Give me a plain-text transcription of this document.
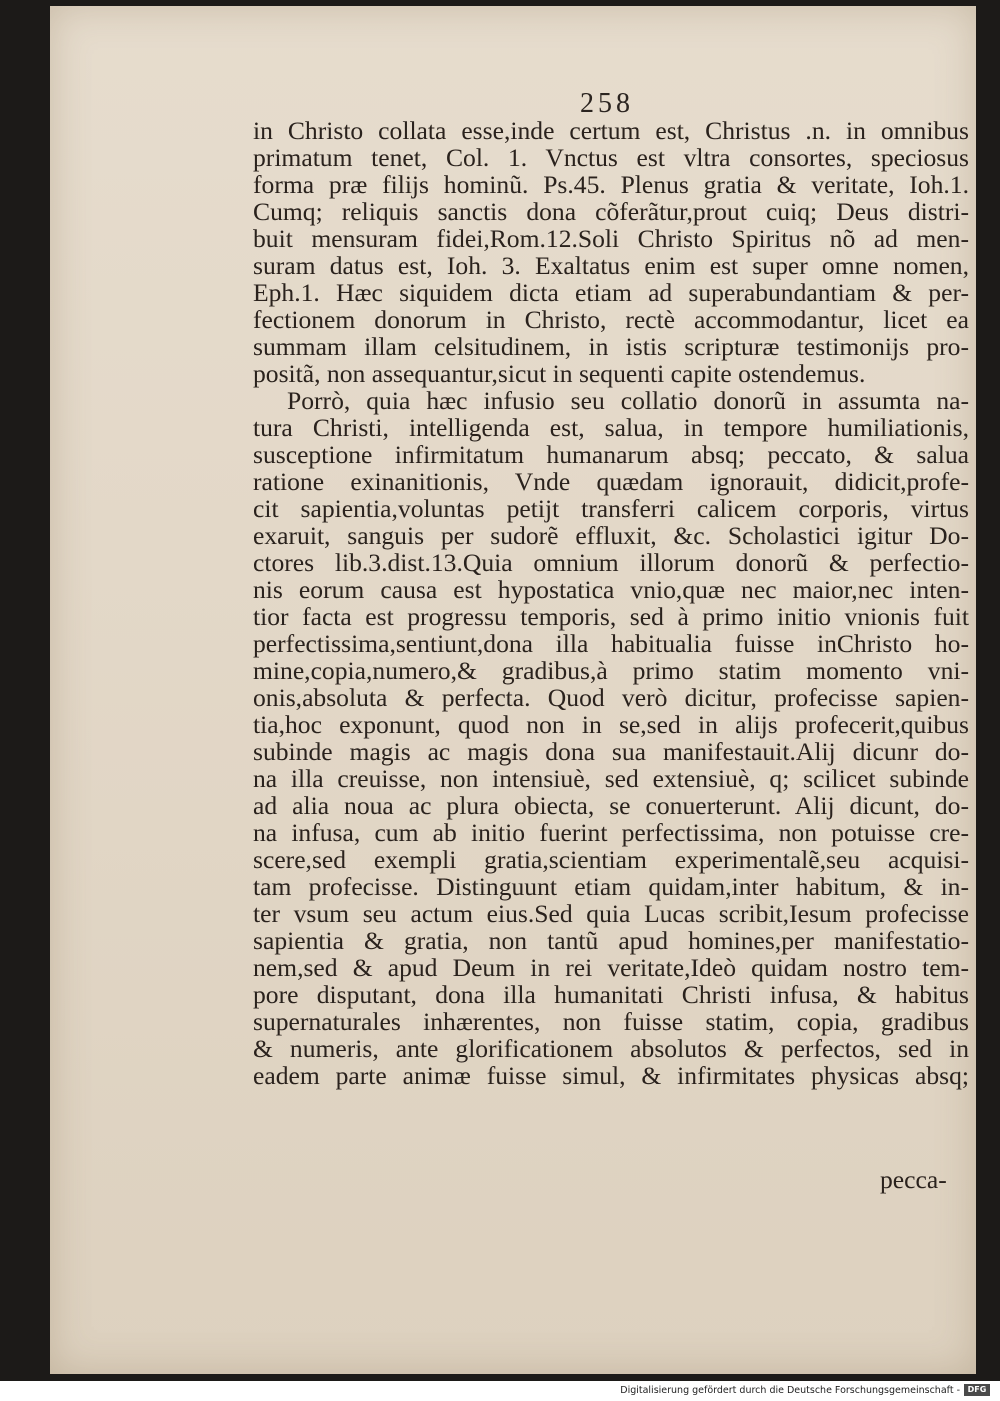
258
in Christo collata esse,inde certum est, Christus .n. in omnibus
primatum tenet, Col. 1. Vnctus est vltra consortes, speciosus
forma præ filijs hominũ. Ps.45. Plenus gratia & veritate, Ioh.1.
Cumq; reliquis sanctis dona cõferãtur,prout cuiq; Deus distri-
buit mensuram fidei,Rom.12.Soli Christo Spiritus nõ ad men-
suram datus est, Ioh. 3. Exaltatus enim est super omne nomen,
Eph.1. Hæc siquidem dicta etiam ad superabundantiam & per-
fectionem donorum in Christo, rectè accommodantur, licet ea
summam illam celsitudinem, in istis scripturæ testimonijs pro-
positã, non assequantur,sicut in sequenti capite ostendemus.
Porrò, quia hæc infusio seu collatio donorũ in assumta na-
tura Christi, intelligenda est, salua, in tempore humiliationis,
susceptione infirmitatum humanarum absq; peccato, & salua
ratione exinanitionis, Vnde quædam ignorauit, didicit,profe-
cit sapientia,voluntas petijt transferri calicem corporis, virtus
exaruit, sanguis per sudorẽ effluxit, &c. Scholastici igitur Do-
ctores lib.3.dist.13.Quia omnium illorum donorũ & perfectio-
nis eorum causa est hypostatica vnio,quæ nec maior,nec inten-
tior facta est progressu temporis, sed à primo initio vnionis fuit
perfectissima,sentiunt,dona illa habitualia fuisse inChristo ho-
mine,copia,numero,& gradibus,à primo statim momento vni-
onis,absoluta & perfecta. Quod verò dicitur, profecisse sapien-
tia,hoc exponunt, quod non in se,sed in alijs profecerit,quibus
subinde magis ac magis dona sua manifestauit.Alij dicunr do-
na illa creuisse, non intensiuè, sed extensiuè, q; scilicet subinde
ad alia noua ac plura obiecta, se conuerterunt. Alij dicunt, do-
na infusa, cum ab initio fuerint perfectissima, non potuisse cre-
scere,sed exempli gratia,scientiam experimentalẽ,seu acquisi-
tam profecisse. Distinguunt etiam quidam,inter habitum, & in-
ter vsum seu actum eius.Sed quia Lucas scribit,Iesum profecisse
sapientia & gratia, non tantũ apud homines,per manifestatio-
nem,sed & apud Deum in rei veritate,Ideò quidam nostro tem-
pore disputant, dona illa humanitati Christi infusa, & habitus
supernaturales inhærentes, non fuisse statim, copia, gradibus
& numeris, ante glorificationem absolutos & perfectos, sed in
eadem parte animæ fuisse simul, & infirmitates physicas absq;
pecca-
Digitalisierung gefördert durch die Deutsche Forschungsgemeinschaft - DFG
